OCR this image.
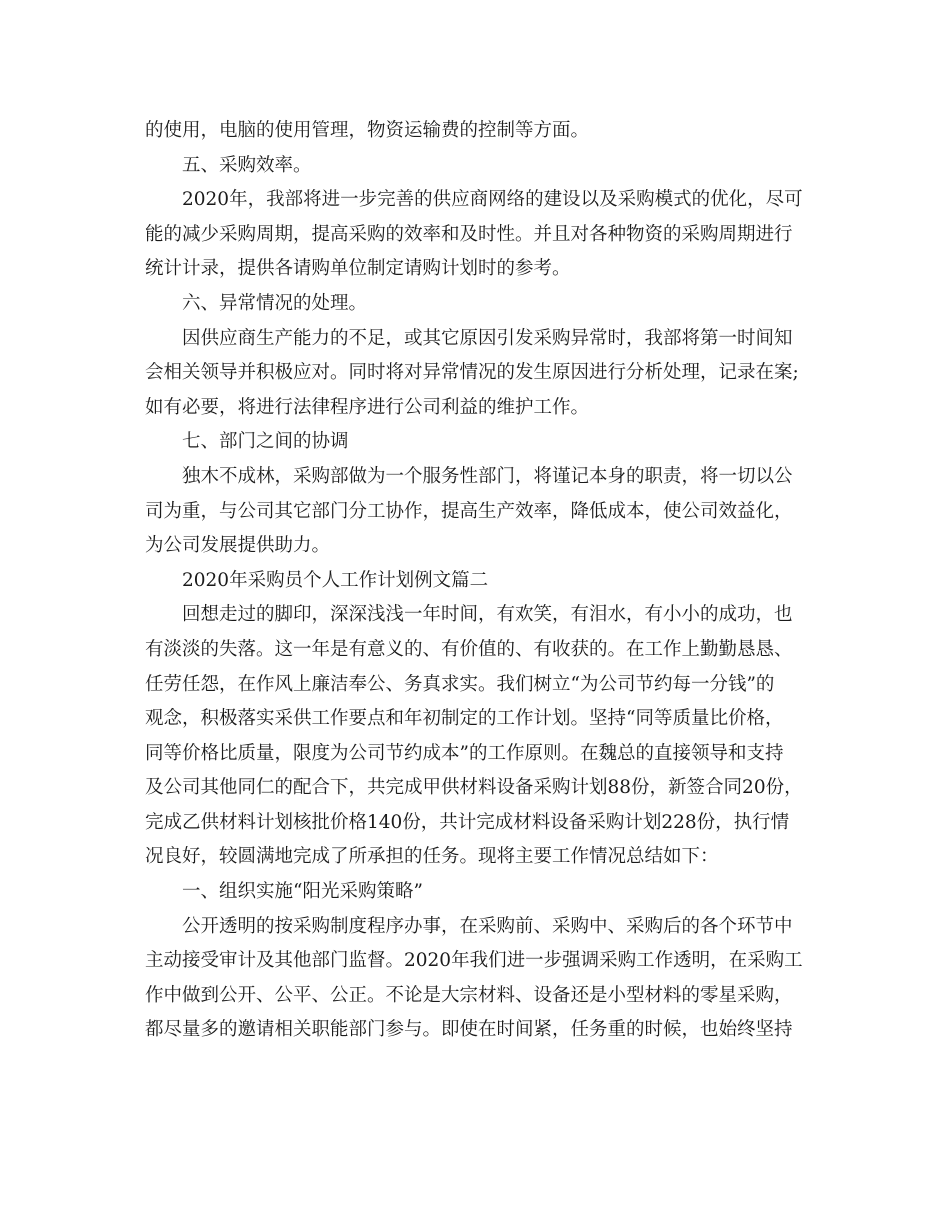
的使用，电脑的使用管理，物资运输费的控制等方面。
五、采购效率。
2020年，我部将进一步完善的供应商网络的建设以及采购模式的优化，尽可
能的减少采购周期，提高采购的效率和及时性。并且对各种物资的采购周期进行
统计计录，提供各请购单位制定请购计划时的参考。
六、异常情况的处理。
因供应商生产能力的不足，或其它原因引发采购异常时，我部将第一时间知
会相关领导并积极应对。同时将对异常情况的发生原因进行分析处理，记录在案;
如有必要，将进行法律程序进行公司利益的维护工作。
七、部门之间的协调
独木不成林，采购部做为一个服务性部门，将谨记本身的职责，将一切以公
司为重，与公司其它部门分工协作，提高生产效率，降低成本，使公司效益化，
为公司发展提供助力。
2020年采购员个人工作计划例文篇二
回想走过的脚印，深深浅浅一年时间，有欢笑，有泪水，有小小的成功，也
有淡淡的失落。这一年是有意义的、有价值的、有收获的。在工作上勤勤恳恳、
任劳任怨，在作风上廉洁奉公、务真求实。我们树立“为公司节约每一分钱”的
观念，积极落实采供工作要点和年初制定的工作计划。坚持“同等质量比价格，
同等价格比质量，限度为公司节约成本”的工作原则。在魏总的直接领导和支持
及公司其他同仁的配合下，共完成甲供材料设备采购计划88份，新签合同20份，
完成乙供材料计划核批价格140份，共计完成材料设备采购计划228份，执行情
况良好，较圆满地完成了所承担的任务。现将主要工作情况总结如下：
一、组织实施“阳光采购策略”
公开透明的按采购制度程序办事，在采购前、采购中、采购后的各个环节中
主动接受审计及其他部门监督。2020年我们进一步强调采购工作透明，在采购工
作中做到公开、公平、公正。不论是大宗材料、设备还是小型材料的零星采购，
都尽量多的邀请相关职能部门参与。即使在时间紧，任务重的时候，也始终坚持
